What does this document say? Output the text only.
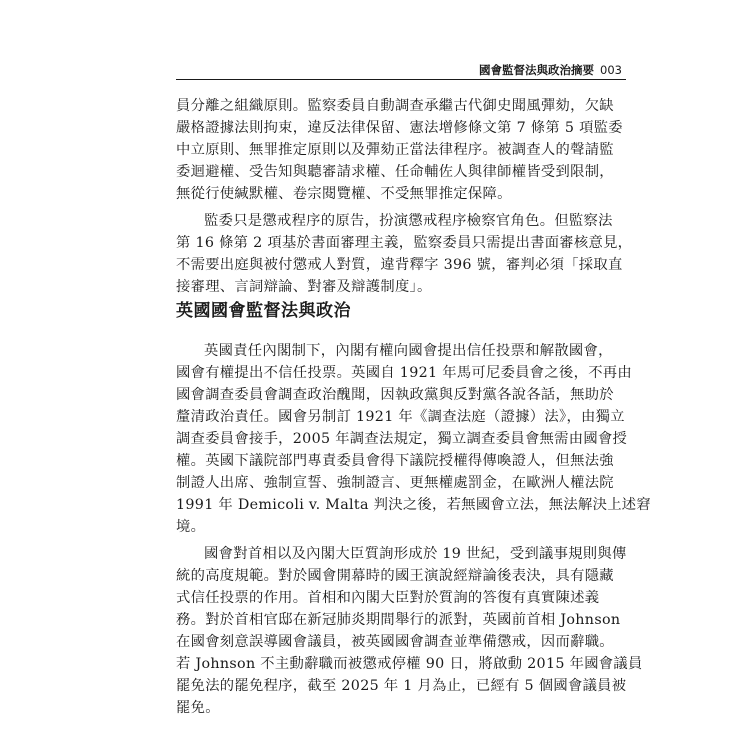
國會監督法與政治摘要 003
員分離之組織原則。監察委員自動調查承繼古代御史聞風彈劾，欠缺
嚴格證據法則拘束，違反法律保留、憲法增修條文第 7 條第 5 項監委
中立原則、無罪推定原則以及彈劾正當法律程序。被調查人的聲請監
委迴避權、受告知與聽審請求權、任命輔佐人與律師權皆受到限制，
無從行使緘默權、卷宗閱覽權、不受無罪推定保障。
監委只是懲戒程序的原告，扮演懲戒程序檢察官角色。但監察法
第 16 條第 2 項基於書面審理主義，監察委員只需提出書面審核意見，
不需要出庭與被付懲戒人對質，違背釋字 396 號，審判必須「採取直
接審理、言詞辯論、對審及辯護制度」。
英國國會監督法與政治
英國責任內閣制下，內閣有權向國會提出信任投票和解散國會，
國會有權提出不信任投票。英國自 1921 年馬可尼委員會之後，不再由
國會調查委員會調查政治醜聞，因執政黨與反對黨各說各話，無助於
釐清政治責任。國會另制訂 1921 年《調查法庭（證據）法》，由獨立
調查委員會接手，2005 年調查法規定，獨立調查委員會無需由國會授
權。英國下議院部門專責委員會得下議院授權得傳喚證人，但無法強
制證人出席、強制宣誓、強制證言、更無權處罰金，在歐洲人權法院
1991 年 Demicoli v. Malta 判決之後，若無國會立法，無法解決上述窘
境。
國會對首相以及內閣大臣質詢形成於 19 世紀，受到議事規則與傳
統的高度規範。對於國會開幕時的國王演說經辯論後表決，具有隱藏
式信任投票的作用。首相和內閣大臣對於質詢的答復有真實陳述義
務。對於首相官邸在新冠肺炎期間舉行的派對，英國前首相 Johnson
在國會刻意誤導國會議員，被英國國會調查並準備懲戒，因而辭職。
若 Johnson 不主動辭職而被懲戒停權 90 日，將啟動 2015 年國會議員
罷免法的罷免程序，截至 2025 年 1 月為止，已經有 5 個國會議員被
罷免。
